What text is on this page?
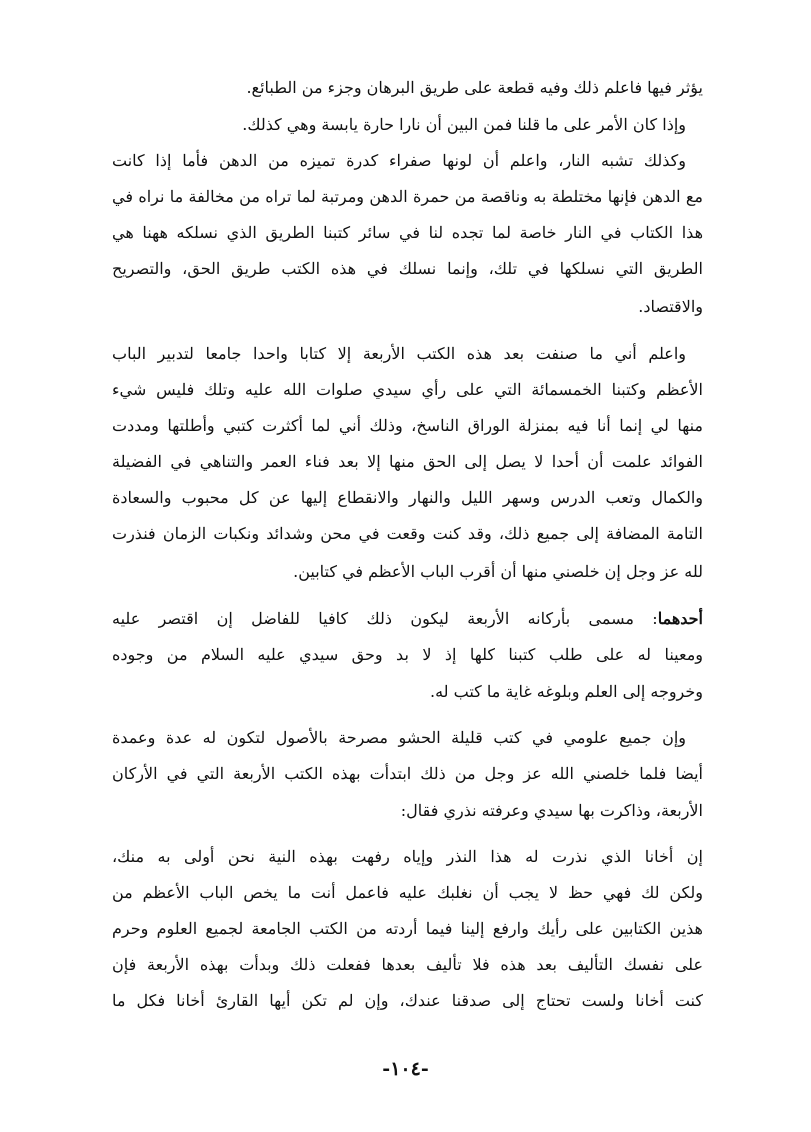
يؤثر فيها فاعلم ذلك وفيه قطعة على طريق البرهان وجزء من الطبائع.
وإذا كان الأمر على ما قلنا فمن البين أن نارا حارة يابسة وهي كذلك.
وكذلك تشبه النار، واعلم أن لونها صفراء كدرة تميزه من الدهن فأما إذا كانت
مع الدهن فإنها مختلطة به وناقصة من حمرة الدهن ومرتبة لما تراه من مخالفة ما نراه في
هذا الكتاب في النار خاصة لما تجده لنا في سائر كتبنا الطريق الذي نسلكه ههنا هي
الطريق التي نسلكها في تلك، وإنما نسلك في هذه الكتب طريق الحق، والتصريح
والاقتصاد.
واعلم أني ما صنفت بعد هذه الكتب الأربعة إلا كتابا واحدا جامعا لتدبير الباب
الأعظم وكتبنا الخمسمائة التي على رأي سيدي صلوات الله عليه وتلك فليس شيء
منها لي إنما أنا فيه بمنزلة الوراق الناسخ، وذلك أني لما أكثرت كتبي وأطلتها ومددت
الفوائد علمت أن أحدا لا يصل إلى الحق منها إلا بعد فناء العمر والتناهي في الفضيلة
والكمال وتعب الدرس وسهر الليل والنهار والانقطاع إليها عن كل محبوب والسعادة
التامة المضافة إلى جميع ذلك، وقد كنت وقعت في محن وشدائد ونكبات الزمان فنذرت
لله عز وجل إن خلصني منها أن أقرب الباب الأعظم في كتابين.
أحدهما: مسمى بأركانه الأربعة ليكون ذلك كافيا للفاضل إن اقتصر عليه
ومعينا له على طلب كتبنا كلها إذ لا بد وحق سيدي عليه السلام من وجوده
وخروجه إلى العلم وبلوغه غاية ما كتب له.
وإن جميع علومي في كتب قليلة الحشو مصرحة بالأصول لتكون له عدة وعمدة
أيضا فلما خلصني الله عز وجل من ذلك ابتدأت بهذه الكتب الأربعة التي في الأركان
الأربعة، وذاكرت بها سيدي وعرفته نذري فقال:
إن أخانا الذي نذرت له هذا النذر وإياه رفهت بهذه النية نحن أولى به منك،
ولكن لك فهي حظ لا يجب أن نغلبك عليه فاعمل أنت ما يخص الباب الأعظم من
هذين الكتابين على رأيك وارفع إلينا فيما أردته من الكتب الجامعة لجميع العلوم وحرم
على نفسك التأليف بعد هذه فلا تأليف بعدها ففعلت ذلك وبدأت بهذه الأربعة فإن
كنت أخانا ولست تحتاج إلى صدقنا عندك، وإن لم تكن أيها القارئ أخانا فكل ما
-١٠٤-
